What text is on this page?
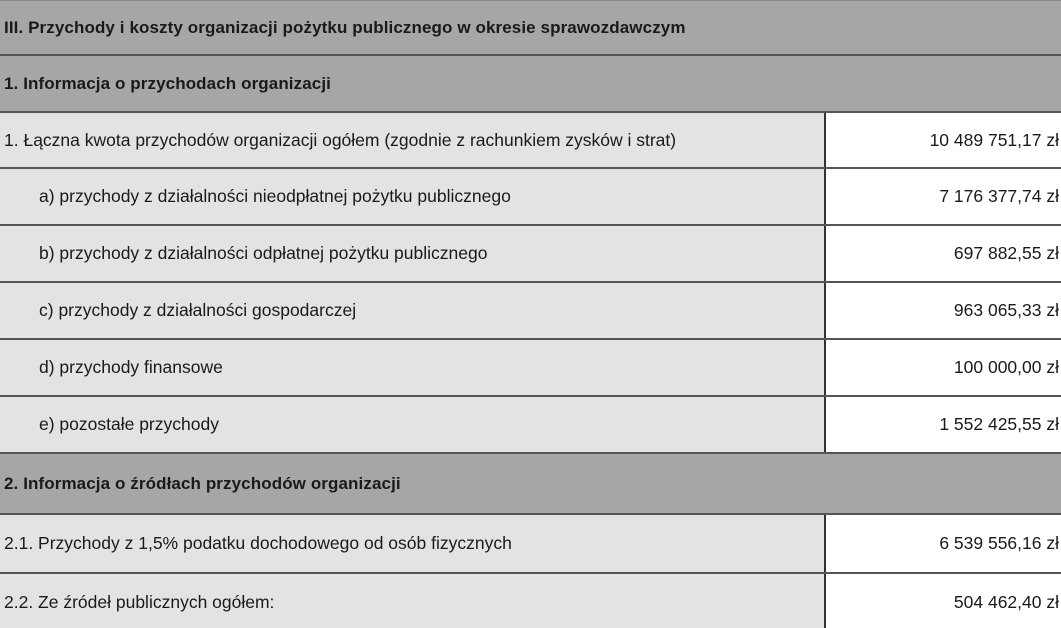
III. Przychody i koszty organizacji pożytku publicznego w okresie sprawozdawczym
1. Informacja o przychodach organizacji
1. Łączna kwota przychodów organizacji ogółem (zgodnie z rachunkiem zysków i strat)	10 489 751,17 zł
a) przychody z działalności nieodpłatnej pożytku publicznego	7 176 377,74 zł
b) przychody z działalności odpłatnej pożytku publicznego	697 882,55 zł
c) przychody z działalności gospodarczej	963 065,33 zł
d) przychody finansowe	100 000,00 zł
e) pozostałe przychody	1 552 425,55 zł
2. Informacja o źródłach przychodów organizacji
2.1. Przychody z 1,5% podatku dochodowego od osób fizycznych	6 539 556,16 zł
2.2. Ze źródeł publicznych ogółem:	504 462,40 zł
